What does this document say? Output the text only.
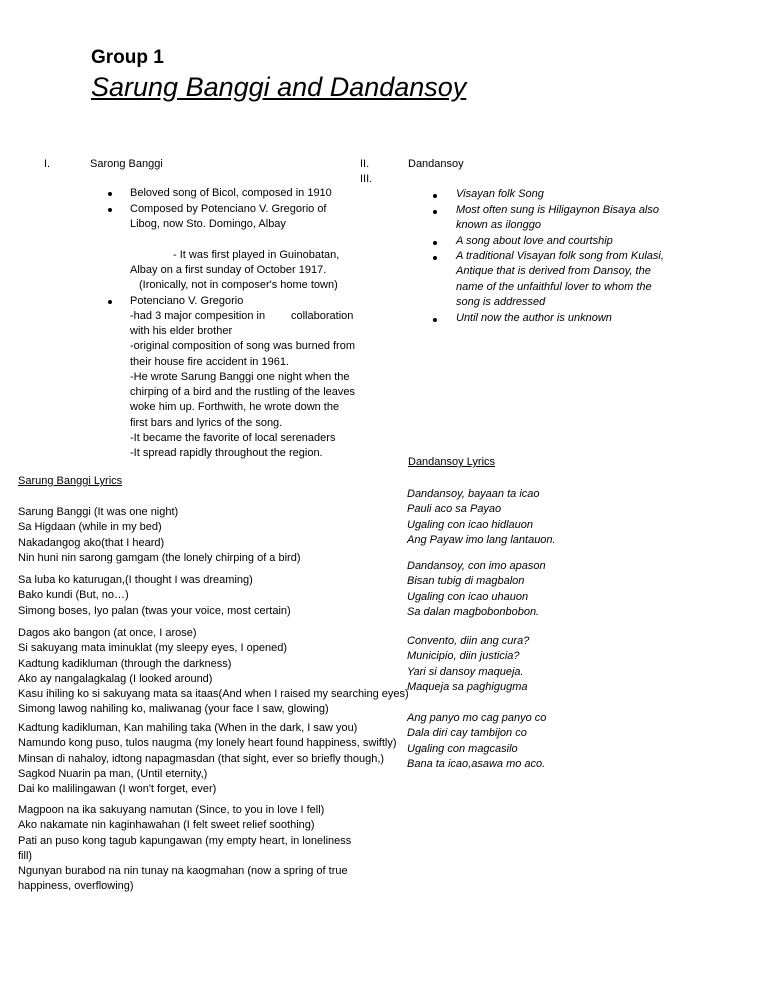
Group 1
Sarung Banggi and Dandansoy
I.	Sarong Banggi
Beloved song of Bicol, composed in 1910
Composed by Potenciano V. Gregorio of
Libog, now Sto. Domingo, Albay
- It was first played in Guinobatan,
Albay on a first sunday of October 1917.
(Ironically, not in composer's home town)
Potenciano V. Gregorio
-had 3 major compesition in collaboration
with his elder brother
-original composition of song was burned from
their house fire accident in 1961.
-He wrote Sarung Banggi one night when the
chirping of a bird and the rustling of the leaves
woke him up. Forthwith, he wrote down the
first bars and lyrics of the song.
-It became the favorite of local serenaders
-It spread rapidly throughout the region.
II.
III.
Dandansoy
Visayan folk Song
Most often sung is Hiligaynon Bisaya also
known as ilonggo
A song about love and courtship
A traditional Visayan folk song from Kulasi,
Antique that is derived from Dansoy, the
name of the unfaithful lover to whom the
song is addressed
Until now the author is unknown
Dandansoy Lyrics
Dandansoy, bayaan ta icao
Pauli aco sa Payao
Ugaling con icao hidlauon
Ang Payaw imo lang lantauon.
Dandansoy, con imo apason
Bisan tubig di magbalon
Ugaling con icao uhauon
Sa dalan magbobonbobon.
Convento, diin ang cura?
Municipio, diin justicia?
Yari si dansoy maqueja.
Maqueja sa paghigugma
Ang panyo mo cag panyo co
Dala diri cay tambijon co
Ugaling con magcasilo
Bana ta icao,asawa mo aco.
Sarung Banggi Lyrics
Sarung Banggi (It was one night)
Sa Higdaan (while in my bed)
Nakadangog ako(that I heard)
Nin huni nin sarong gamgam (the lonely chirping of a bird)
Sa luba ko katurugan,(I thought I was dreaming)
Bako kundi (But, no…)
Simong boses, Iyo palan (twas your voice, most certain)
Dagos ako bangon (at once, I arose)
Si sakuyang mata iminuklat (my sleepy eyes, I opened)
Kadtung kadikluman (through the darkness)
Ako ay nangalagkalag (I looked around)
Kasu ihiling ko si sakuyang mata sa itaas(And when I raised my searching eyes)
Simong lawog nahiling ko, maliwanag (your face I saw, glowing)
Kadtung kadikluman, Kan mahiling taka (When in the dark, I saw you)
Namundo kong puso, tulos naugma (my lonely heart found happiness, swiftly)
Minsan di nahaloy, idtong napagmasdan (that sight, ever so briefly though,)
Sagkod Nuarin pa man, (Until eternity,)
Dai ko malilingawan (I won't forget, ever)
Magpoon na ika sakuyang namutan (Since, to you in love I fell)
Ako nakamate nin kaginhawahan (I felt sweet relief soothing)
Pati an puso kong tagub kapungawan (my empty heart, in loneliness
fill)
Ngunyan burabod na nin tunay na kaogmahan (now a spring of true
happiness, overflowing)
